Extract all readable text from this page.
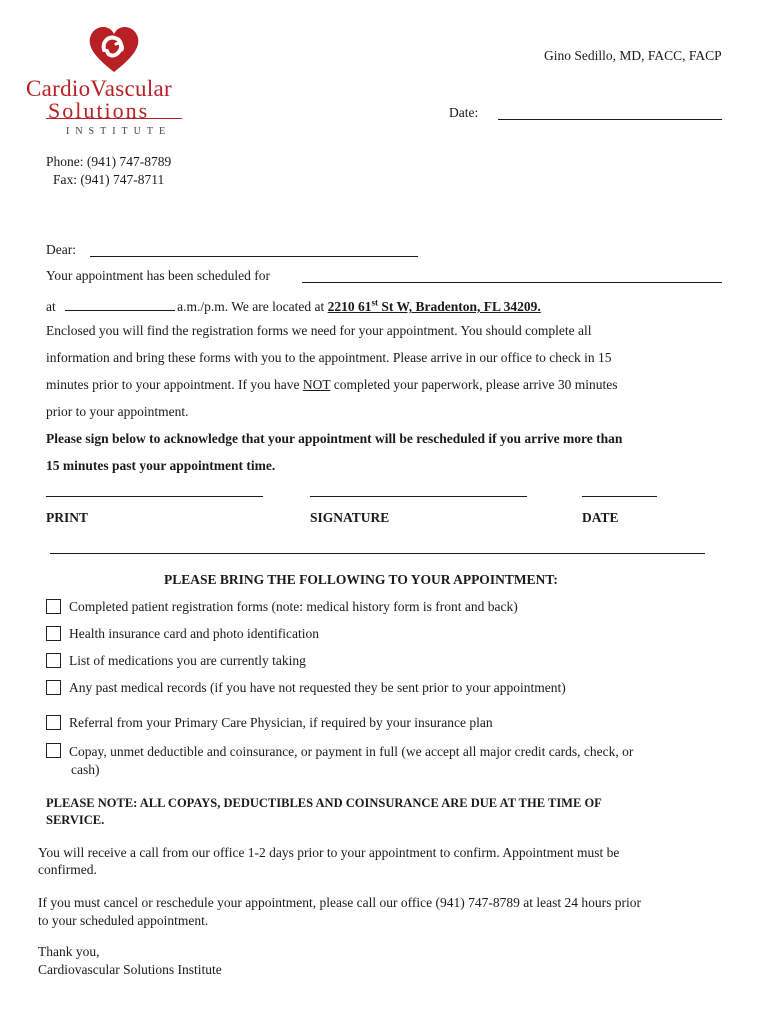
CardioVascular
Solutions
INSTITUTE
Gino Sedillo, MD, FACC, FACP
Date:
Phone: (941) 747-8789
Fax: (941) 747-8711
Dear:
Your appointment has been scheduled for
at	a.m./p.m. We are located at 2210 61st St W, Bradenton, FL 34209.
Enclosed you will find the registration forms we need for your appointment. You should complete all
information and bring these forms with you to the appointment. Please arrive in our office to check in 15
minutes prior to your appointment. If you have NOT completed your paperwork, please arrive 30 minutes
prior to your appointment.
Please sign below to acknowledge that your appointment will be rescheduled if you arrive more than
15 minutes past your appointment time.
PRINT	SIGNATURE	DATE
PLEASE BRING THE FOLLOWING TO YOUR APPOINTMENT:
Completed patient registration forms (note: medical history form is front and back)
Health insurance card and photo identification
List of medications you are currently taking
Any past medical records (if you have not requested they be sent prior to your appointment)
Referral from your Primary Care Physician, if required by your insurance plan
Copay, unmet deductible and coinsurance, or payment in full (we accept all major credit cards, check, or
cash)
PLEASE NOTE: ALL COPAYS, DEDUCTIBLES AND COINSURANCE ARE DUE AT THE TIME OF
SERVICE.
You will receive a call from our office 1-2 days prior to your appointment to confirm. Appointment must be
confirmed.
If you must cancel or reschedule your appointment, please call our office (941) 747-8789 at least 24 hours prior
to your scheduled appointment.
Thank you,
Cardiovascular Solutions Institute
